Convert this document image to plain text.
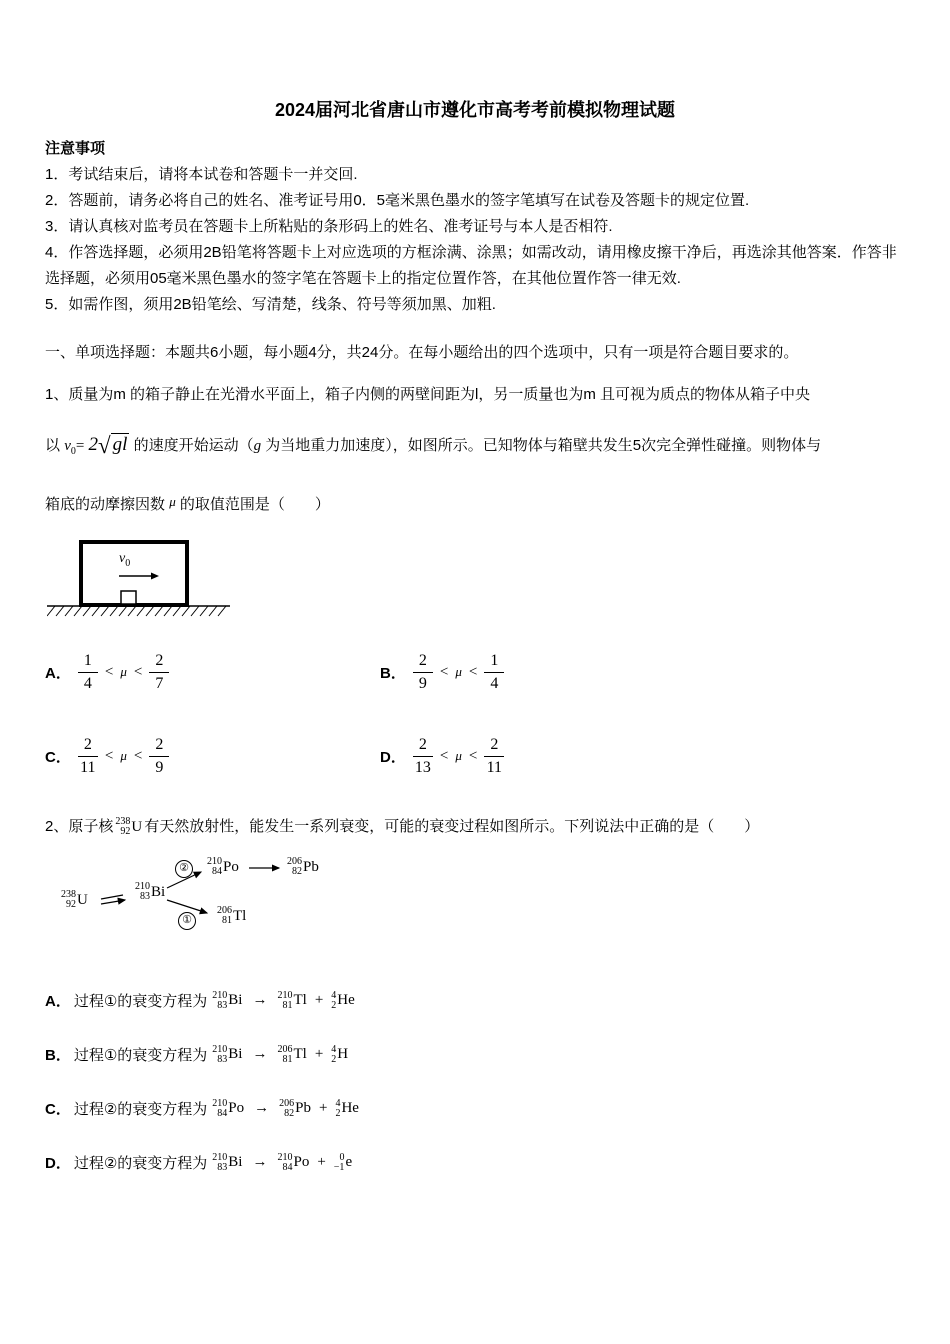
2024届河北省唐山市遵化市高考考前模拟物理试题

注意事项

1．考试结束后，请将本试卷和答题卡一并交回.

2．答题前，请务必将自己的姓名、准考证号用0．5毫米黑色墨水的签字笔填写在试卷及答题卡的规定位置.

3．请认真核对监考员在答题卡上所粘贴的条形码上的姓名、准考证号与本人是否相符.

4．作答选择题，必须用2B铅笔将答题卡上对应选项的方框涂满、涂黑；如需改动，请用橡皮擦干净后，再选涂其他答案．作答非选择题，必须用05毫米黑色墨水的签字笔在答题卡上的指定位置作答，在其他位置作答一律无效.

5．如需作图，须用2B铅笔绘、写清楚，线条、符号等须加黑、加粗.

一、单项选择题：本题共6小题，每小题4分，共24分。在每小题给出的四个选项中，只有一项是符合题目要求的。

1、质量为m 的箱子静止在光滑水平面上，箱子内侧的两壁间距为l，另一质量也为m 且可视为质点的物体从箱子中央

以 $v_0= 2√$ gl 的速度开始运动（g 为当地重力加速度），如图所示。已知物体与箱壁共发生5次完全弹性碰撞。则物体与

箱底的动摩擦因数 μ 的取值范围是（　　）

$v_0$
A． $\frac{1}{4} < \mu < \frac{2}{7}$	B． $\frac{2}{9} < \mu < \frac{1}{4}$
C． $\frac{2}{11} < \mu < \frac{2}{9}$	D． $\frac{2}{13} < \mu < \frac{2}{11}$

2、原子核 238
92 U 有天然放射性，能发生一系列衰变，可能的衰变过程如图所示。下列说法中正确的是（　　）

238
92 U
210
83 Bi
210
84 Po	206
82 Pb
206
81 Tl
②
①
A． 过程①的衰变方程为 210
83 Bi → 210
81 Tl + 4
2 He
B． 过程①的衰变方程为 210
83 Bi → 206
81 Tl + 4
2 H
C． 过程②的衰变方程为 210
84 Po → 206
82 Pb + 4
2 He
D． 过程②的衰变方程为 210
83 Bi → 210
84 Po + 0
−1 e
